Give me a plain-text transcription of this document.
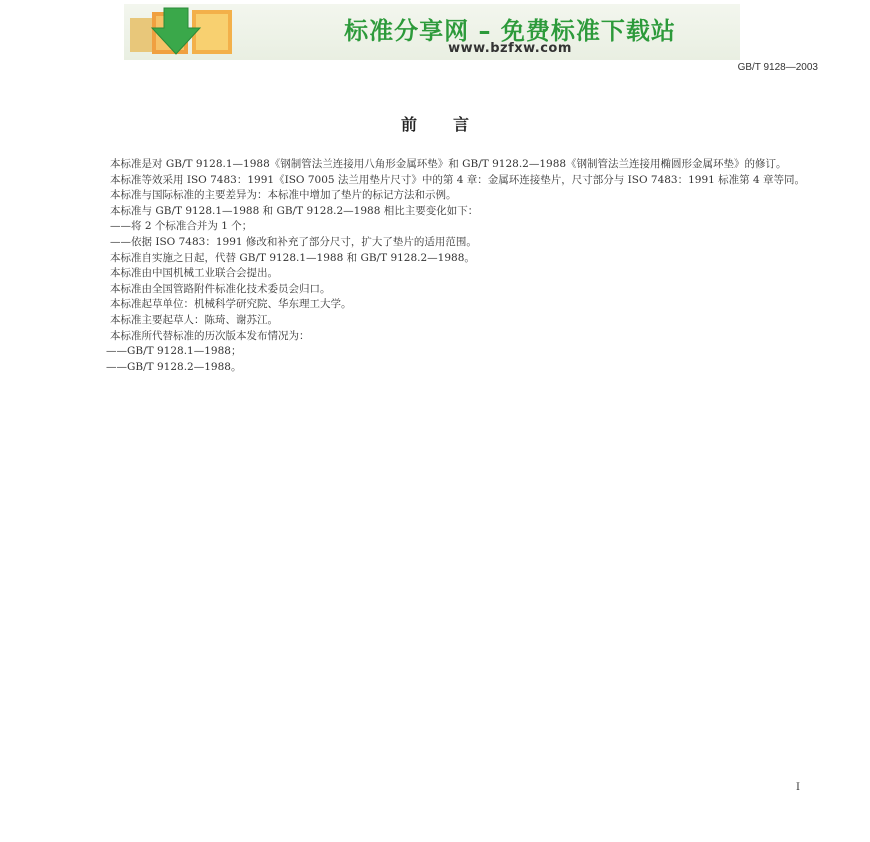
标准分享网 – 免费标准下载站
www.bzfxw.com
GB/T 9128—2003
前言

本标准是对 GB/T 9128.1—1988《钢制管法兰连接用八角形金属环垫》和 GB/T 9128.2—1988《钢制管法兰连接用椭圆形金属环垫》的修订。

本标准等效采用 ISO 7483：1991《ISO 7005 法兰用垫片尺寸》中的第 4 章：金属环连接垫片，尺寸部分与 ISO 7483：1991 标准第 4 章等同。

本标准与国际标准的主要差异为：本标准中增加了垫片的标记方法和示例。

本标准与 GB/T 9128.1—1988 和 GB/T 9128.2—1988 相比主要变化如下：

——将 2 个标准合并为 1 个；

——依据 ISO 7483：1991 修改和补充了部分尺寸，扩大了垫片的适用范围。

本标准自实施之日起，代替 GB/T 9128.1—1988 和 GB/T 9128.2—1988。

本标准由中国机械工业联合会提出。

本标准由全国管路附件标准化技术委员会归口。

本标准起草单位：机械科学研究院、华东理工大学。

本标准主要起草人：陈琦、谢苏江。

本标准所代替标准的历次版本发布情况为：

——GB/T 9128.1—1988；

——GB/T 9128.2—1988。

I
